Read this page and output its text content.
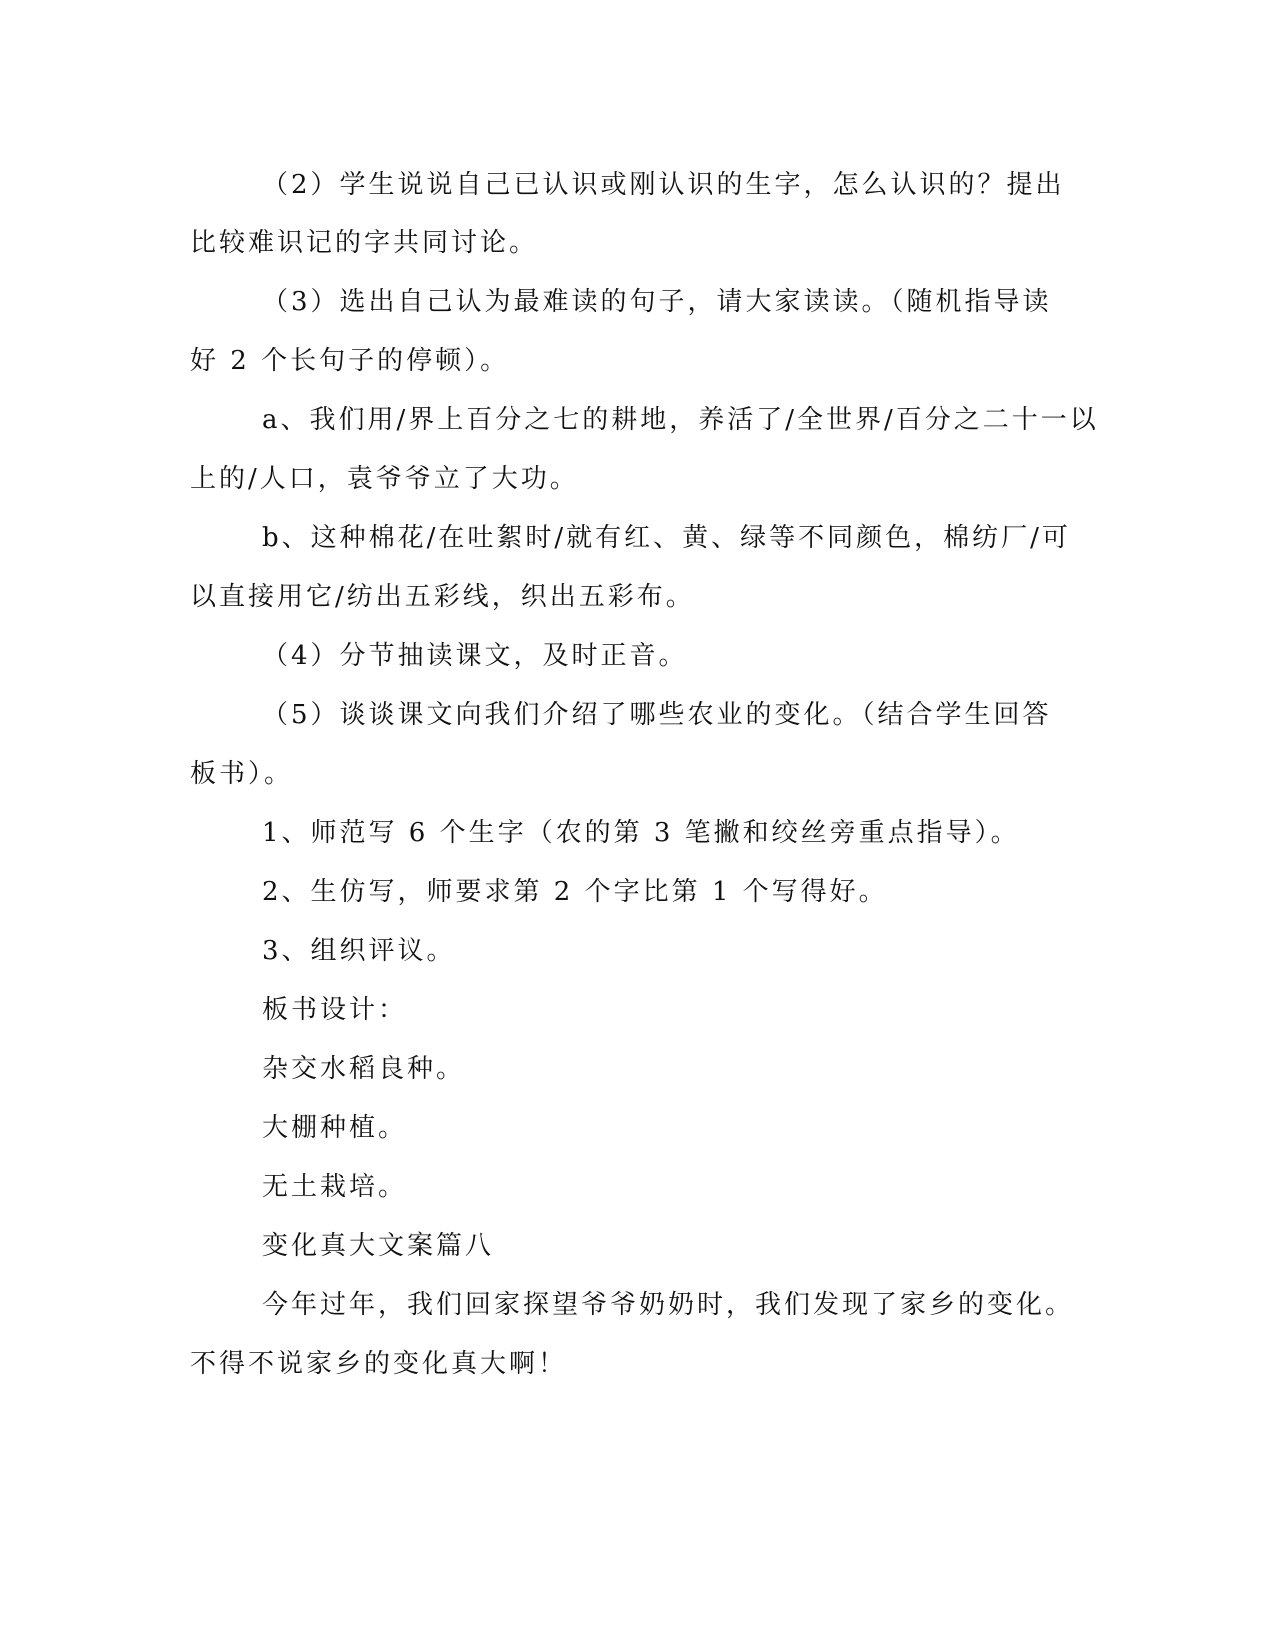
（2）学生说说自己已认识或刚认识的生字，怎么认识的？提出
比较难识记的字共同讨论。
（3）选出自己认为最难读的句子，请大家读读。（随机指导读
好 2 个长句子的停顿）。
a、我们用/界上百分之七的耕地，养活了/全世界/百分之二十一以
上的/人口，袁爷爷立了大功。
b、这种棉花/在吐絮时/就有红、黄、绿等不同颜色，棉纺厂/可
以直接用它/纺出五彩线，织出五彩布。
（4）分节抽读课文，及时正音。
（5）谈谈课文向我们介绍了哪些农业的变化。（结合学生回答
板书）。
1、师范写 6 个生字（农的第 3 笔撇和绞丝旁重点指导）。
2、生仿写，师要求第 2 个字比第 1 个写得好。
3、组织评议。
板书设计：
杂交水稻良种。
大棚种植。
无土栽培。
变化真大文案篇八
今年过年，我们回家探望爷爷奶奶时，我们发现了家乡的变化。
不得不说家乡的变化真大啊！
